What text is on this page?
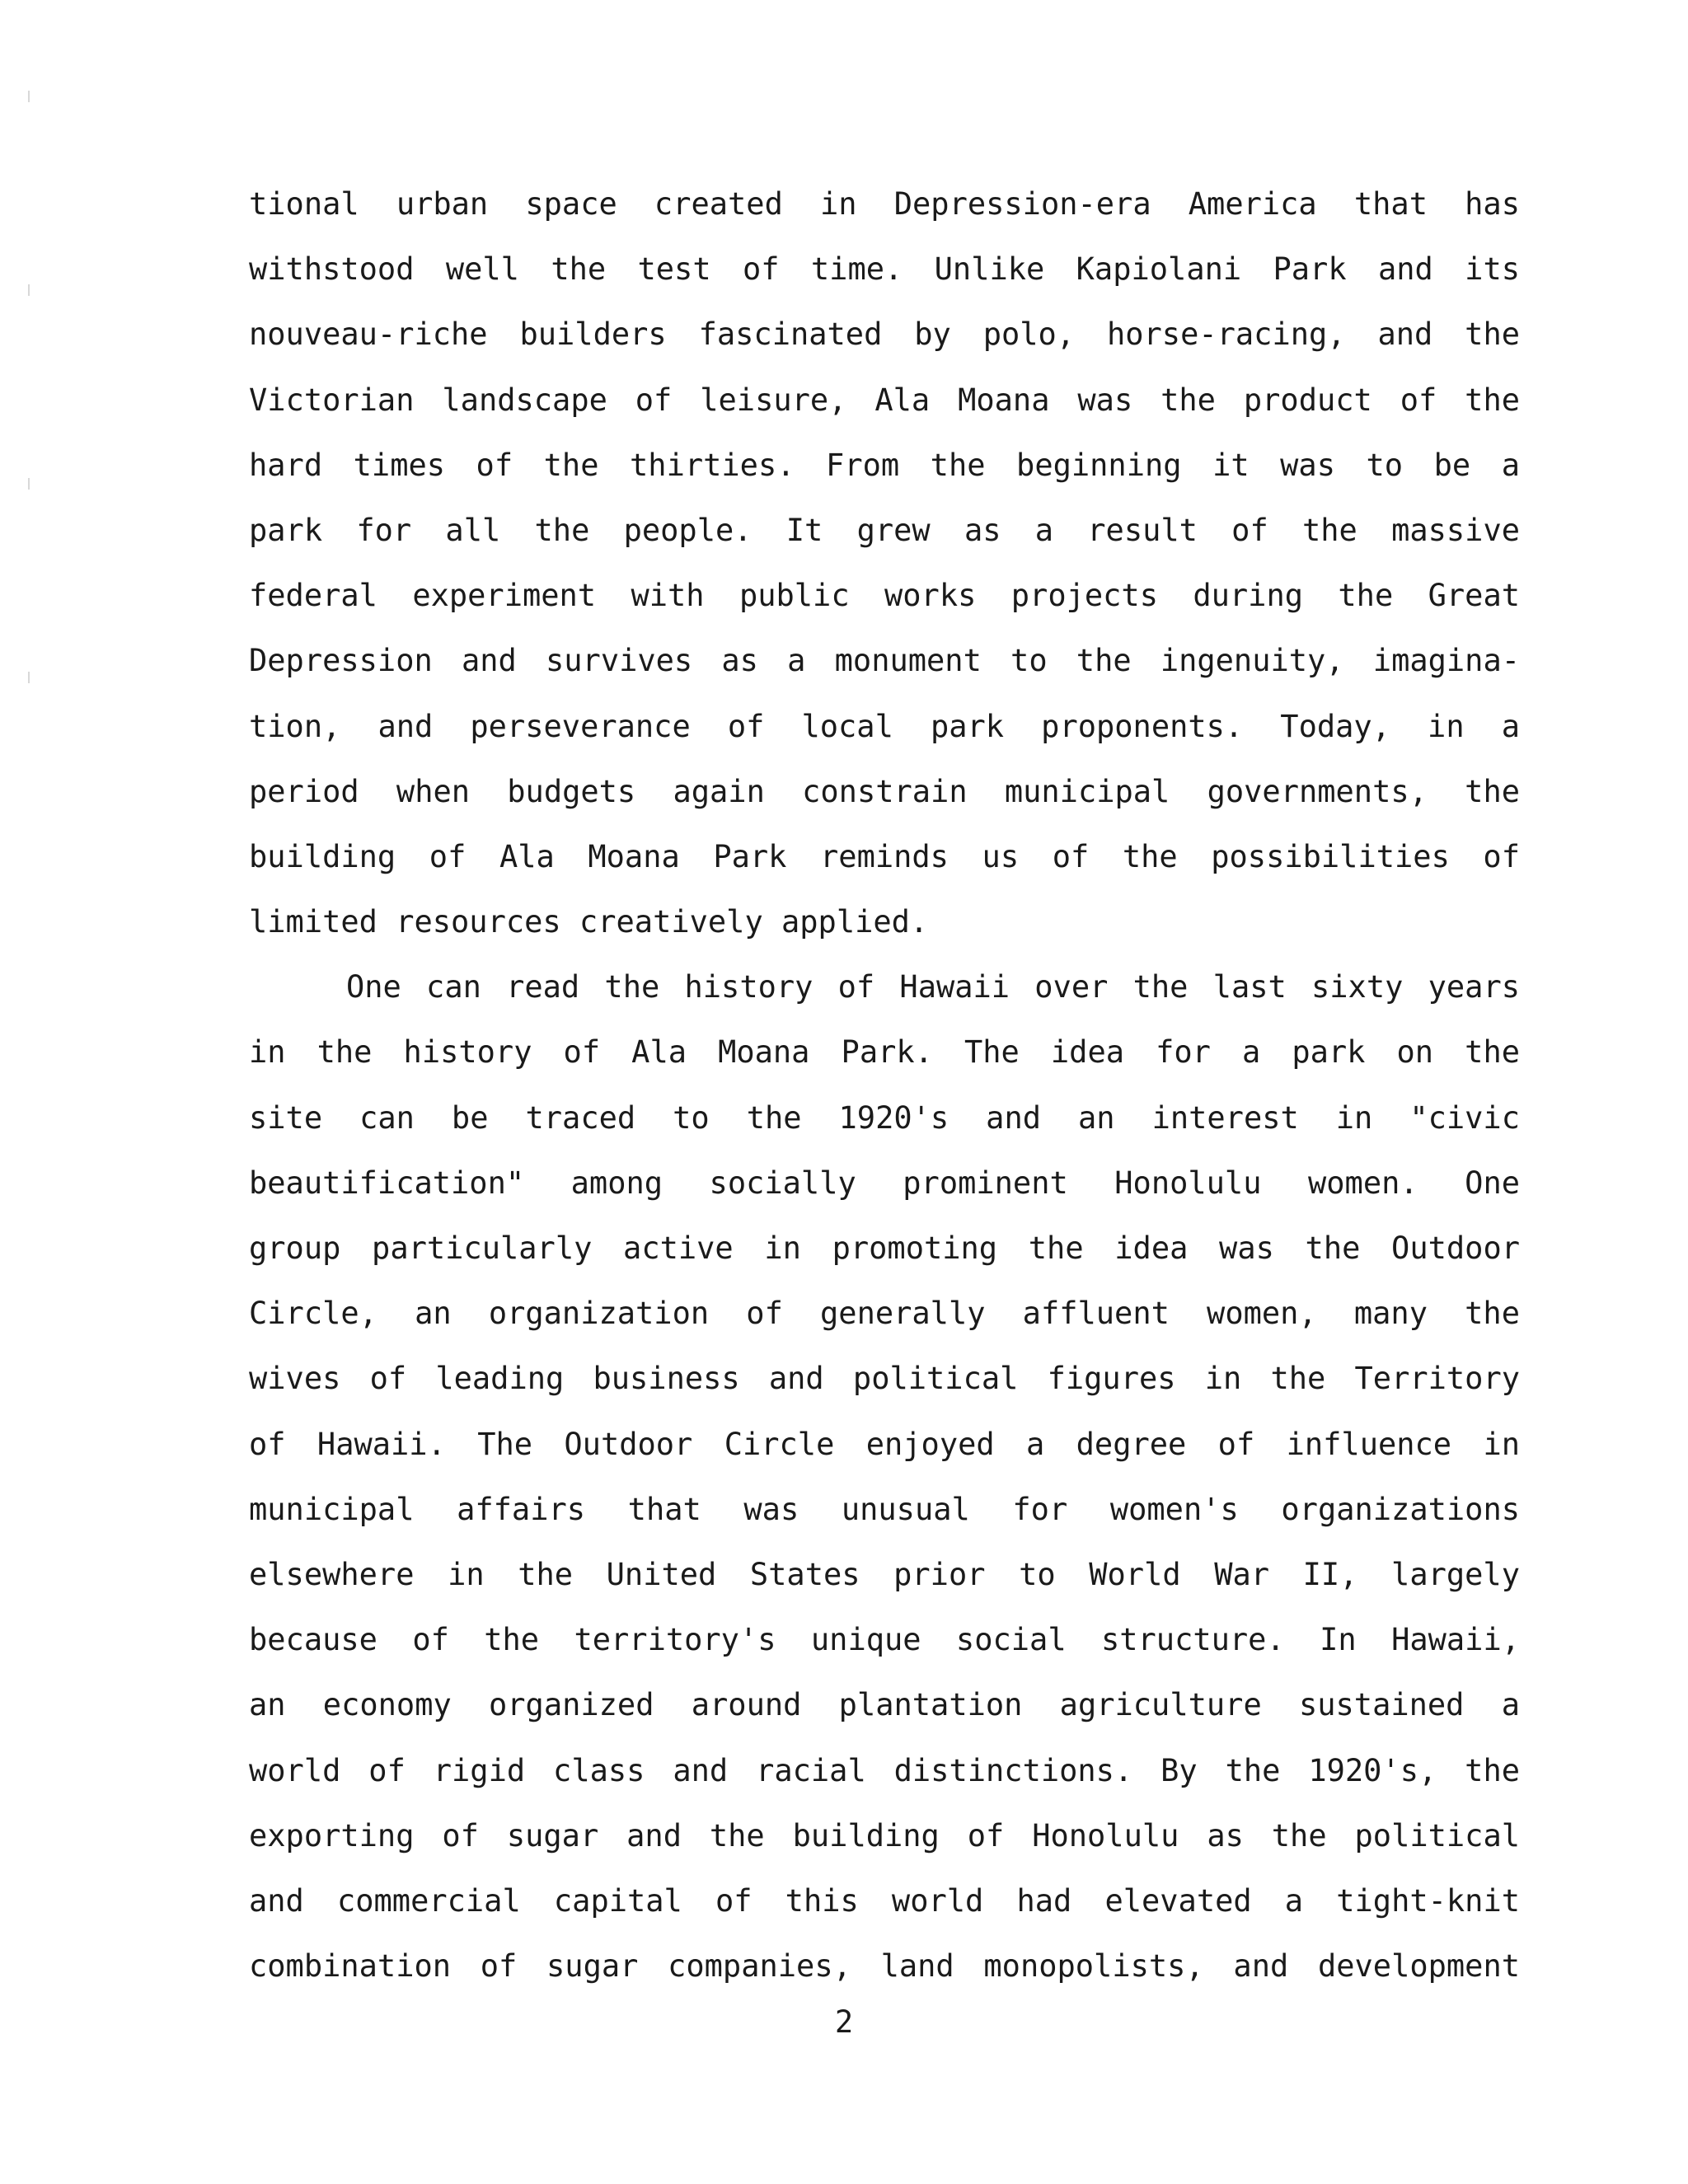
tional urban space created in Depression-era America that has
withstood well the test of time. Unlike Kapiolani Park and its
nouveau-riche builders fascinated by polo, horse-racing, and the
Victorian landscape of leisure, Ala Moana was the product of the
hard times of the thirties. From the beginning it was to be a
park for all the people. It grew as a result of the massive
federal experiment with public works projects during the Great
Depression and survives as a monument to the ingenuity, imagina-
tion, and perseverance of local park proponents. Today, in a
period when budgets again constrain municipal governments, the
building of Ala Moana Park reminds us of the possibilities of
limited resources creatively applied.
One can read the history of Hawaii over the last sixty years
in the history of Ala Moana Park. The idea for a park on the
site can be traced to the 1920's and an interest in "civic
beautification" among socially prominent Honolulu women. One
group particularly active in promoting the idea was the Outdoor
Circle, an organization of generally affluent women, many the
wives of leading business and political figures in the Territory
of Hawaii. The Outdoor Circle enjoyed a degree of influence in
municipal affairs that was unusual for women's organizations
elsewhere in the United States prior to World War II, largely
because of the territory's unique social structure. In Hawaii,
an economy organized around plantation agriculture sustained a
world of rigid class and racial distinctions. By the 1920's, the
exporting of sugar and the building of Honolulu as the political
and commercial capital of this world had elevated a tight-knit
combination of sugar companies, land monopolists, and development
2
